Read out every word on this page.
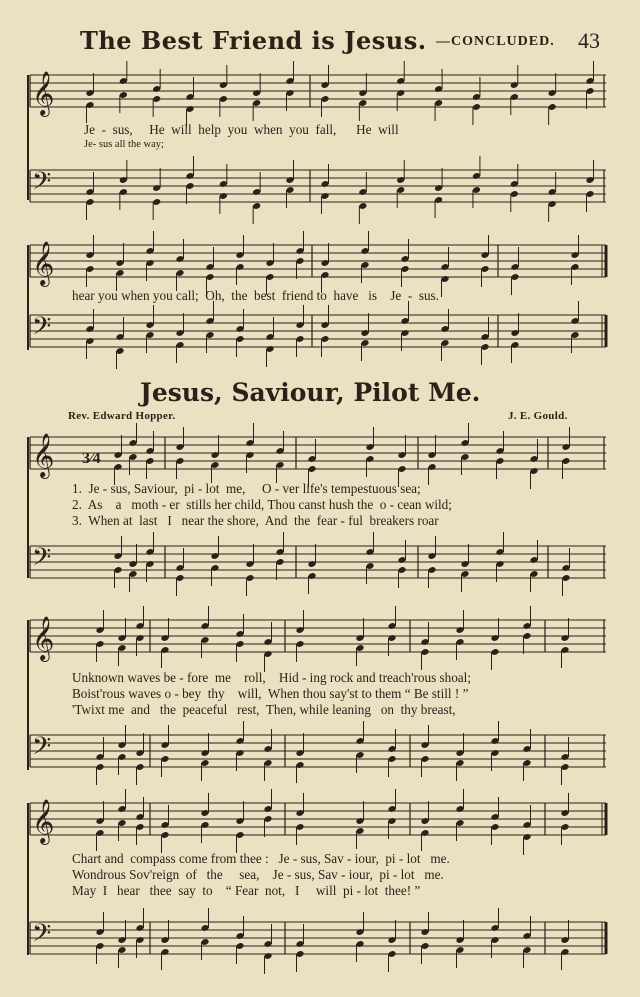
The Best Friend is Jesus. —CONCLUDED. 43
𝄞
𝄢
𝄞
𝄢
𝄞 3⁄4
𝄢
𝄞
𝄢
𝄞
𝄢
Je  -  sus,     He  will  help  you  when  you  fall,      He  will
Je- sus all the way;
hear you when you call;  Oh,  the  best  friend to  have   is    Je  -  sus.
Jesus, Saviour, Pilot Me.
Rev. Edward Hopper.	J. E. Gould.
1.  Je - sus, Saviour,  pi - lot  me,     O - ver life's tempestuous sea;
2.  As    a   moth - er  stills her child, Thou canst hush the  o - cean wild;
3.  When at  last   I   near the shore,  And  the  fear - ful  breakers roar
Unknown waves be - fore  me    roll,    Hid - ing rock and treach'rous shoal;
Boist'rous waves o - bey  thy    will,  When thou say'st to them “ Be still ! ”
'Twixt me  and   the  peaceful   rest,  Then, while leaning   on  thy breast,
Chart and  compass come from thee :   Je - sus, Sav - iour,  pi - lot   me.
Wondrous Sov'reign  of   the     sea,    Je - sus, Sav - iour,  pi - lot   me.
May  I   hear   thee  say  to    “ Fear  not,   I     will  pi - lot  thee! ”
